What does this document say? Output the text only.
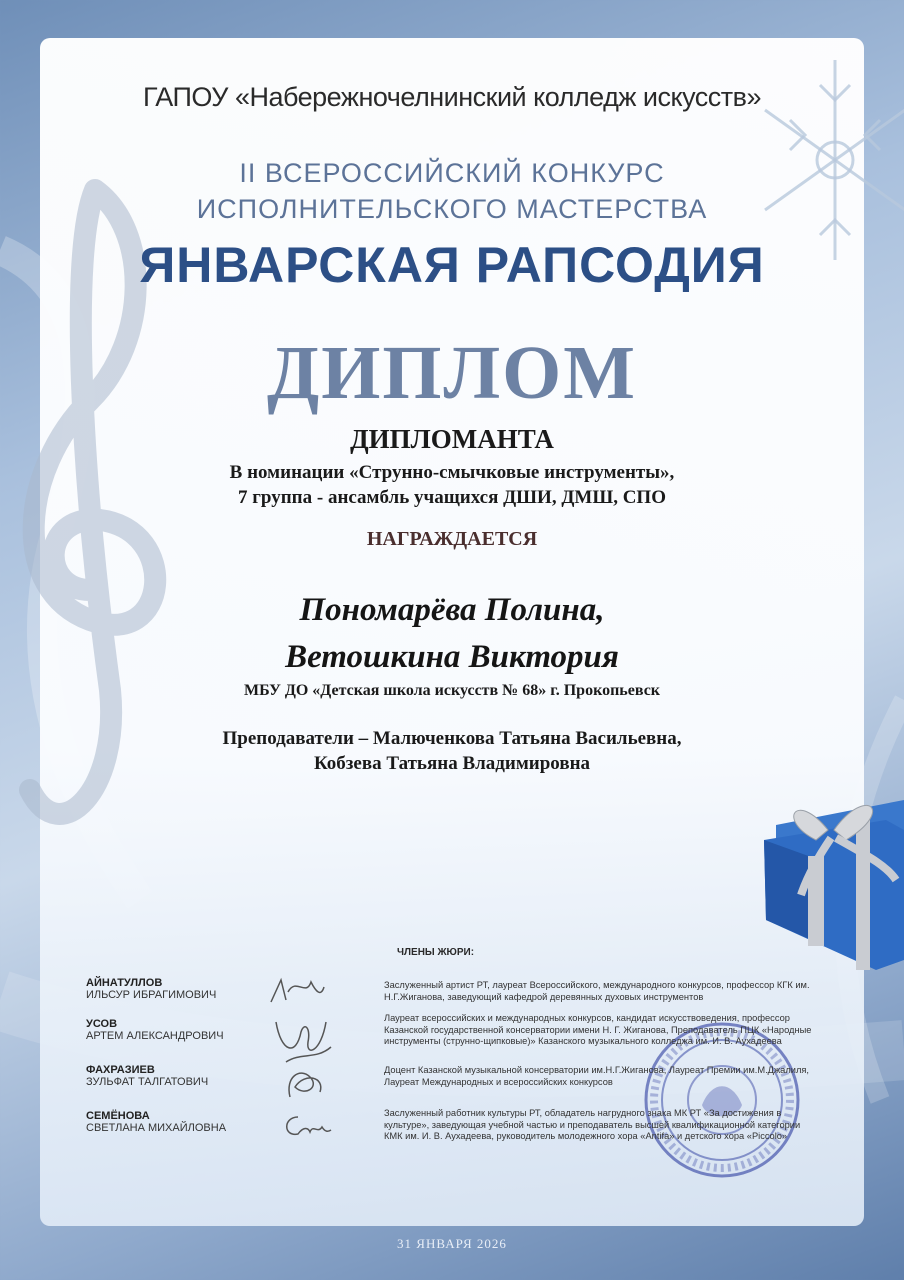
ГАПОУ «Набережночелнинский колледж искусств»
II ВСЕРОССИЙСКИЙ КОНКУРС
ИСПОЛНИТЕЛЬСКОГО МАСТЕРСТВА
ЯНВАРСКАЯ РАПСОДИЯ
ДИПЛОМ
ДИПЛОМАНТА
В номинации «Струнно-смычковые инструменты»,
7 группа - ансамбль учащихся ДШИ, ДМШ, СПО
НАГРАЖДАЕТСЯ
Пономарёва Полина,
Ветошкина Виктория
МБУ ДО «Детская школа искусств № 68» г. Прокопьевск
Преподаватели – Малюченкова Татьяна Васильевна,
Кобзева Татьяна Владимировна
ЧЛЕНЫ ЖЮРИ:
АЙНАТУЛЛОВ
ИЛЬСУР ИБРАГИМОВИЧ
Заслуженный артист РТ, лауреат Всероссийского, международного конкурсов, профессор КГК им.
Н.Г.Жиганова, заведующий кафедрой деревянных духовых инструментов
УСОВ
АРТЕМ АЛЕКСАНДРОВИЧ
Лауреат всероссийских и международных конкурсов, кандидат искусствоведения, профессор
Казанской государственной консерватории имени Н. Г. Жиганова, Преподаватель ПЦК «Народные
инструменты (струнно-щипковые)» Казанского музыкального колледжа им. И. В. Аухадеева
ФАХРАЗИЕВ
ЗУЛЬФАТ ТАЛГАТОВИЧ
Доцент Казанской музыкальной консерватории им.Н.Г.Жиганова, Лауреат Премии им.М.Джалиля,
Лауреат Международных и всероссийских конкурсов
СЕМЁНОВА
СВЕТЛАНА МИХАЙЛОВНА
Заслуженный работник культуры РТ, обладатель нагрудного знака МК РТ «За достижения в
культуре», заведующая учебной частью и преподаватель высшей квалификационной категории
КМК им. И. В. Аухадеева, руководитель молодежного хора «Antifa» и детского хора «Piccolo»
31 ЯНВАРЯ 2026
